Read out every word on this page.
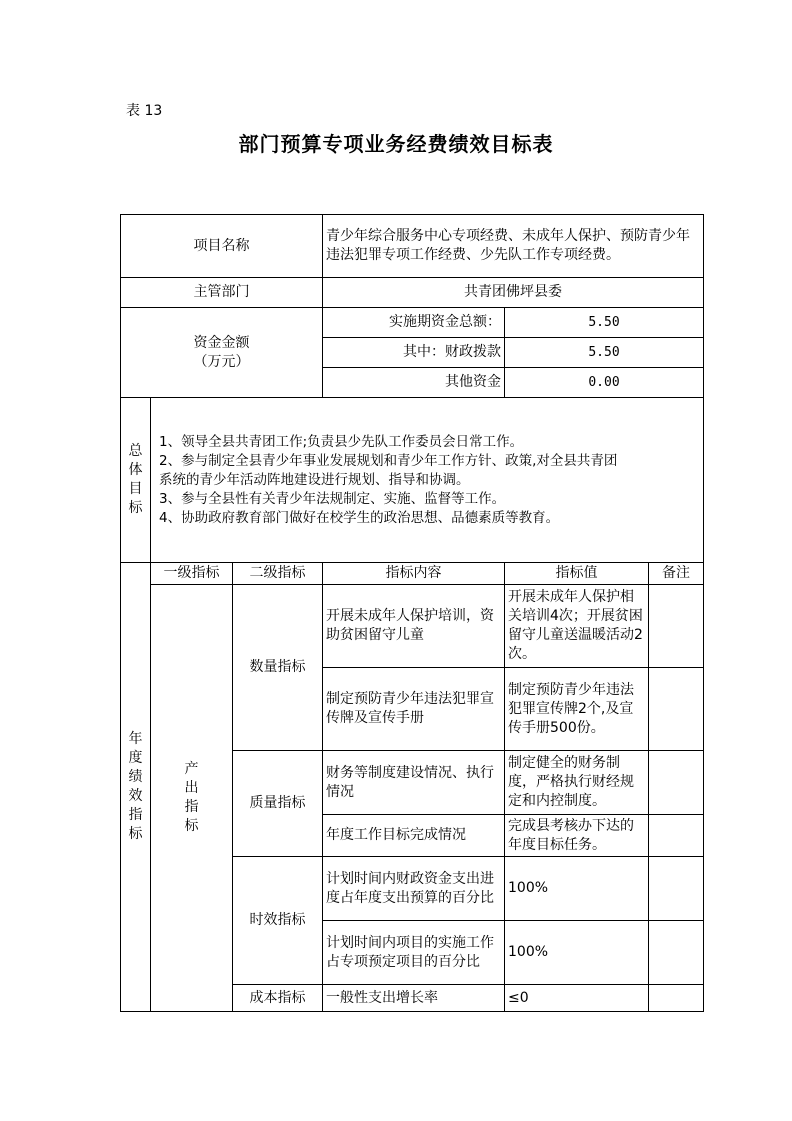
表 13
部门预算专项业务经费绩效目标表
项目名称			青少年综合服务中心专项经费、未成年人保护、预防青少年违法犯罪专项工作经费、少先队工作专项经费。		
主管部门			共青团佛坪县委		

资金金额
（万元）			实施期资金总额：	5.50	
			其中：财政拨款	5.50	
			其他资金	0.00	

总体目标	1、领导全县共青团工作;负责县少先队工作委员会日常工作。
2、参与制定全县青少年事业发展规划和青少年工作方针、政策,对全县共青团
系统的青少年活动阵地建设进行规划、指导和协调。
3、参与全县性有关青少年法规制定、实施、监督等工作。
4、协助政府教育部门做好在校学生的政治思想、品德素质等教育。				

年度绩效指标	一级指标	二级指标	指标内容	指标值	备注

	产出指标	数量指标	开展未成年人保护培训，资助贫困留守儿童	开展未成年人保护相关培训4次；开展贫困留守儿童送温暖活动2次。	
			制定预防青少年违法犯罪宣传牌及宣传手册	制定预防青少年违法犯罪宣传牌2个,及宣传手册500份。	
		质量指标	财务等制度建设情况、执行情况	制定健全的财务制度，严格执行财经规定和内控制度。	
			年度工作目标完成情况	完成县考核办下达的年度目标任务。	
		时效指标	计划时间内财政资金支出进度占年度支出预算的百分比	100%	
			计划时间内项目的实施工作占专项预定项目的百分比	100%	
		成本指标	一般性支出增长率	≤0	
